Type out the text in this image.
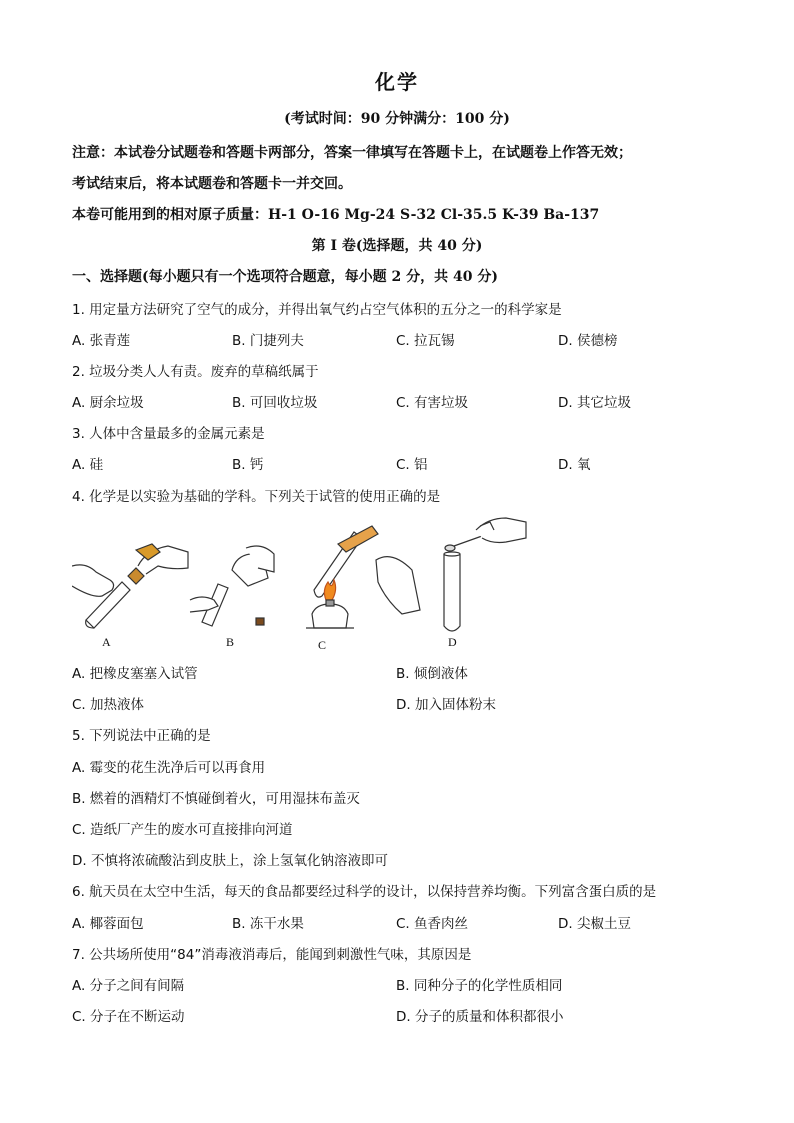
化学
(考试时间：90 分钟满分：100 分)
注意：本试卷分试题卷和答题卡两部分，答案一律填写在答题卡上，在试题卷上作答无效；
考试结束后，将本试题卷和答题卡一并交回。
本卷可能用到的相对原子质量：H-1 O-16 Mg-24 S-32 Cl-35.5 K-39 Ba-137
第 I 卷(选择题，共 40 分)
一、选择题(每小题只有一个选项符合题意，每小题 2 分，共 40 分)
1. 用定量方法研究了空气的成分，并得出氧气约占空气体积的五分之一的科学家是
A. 张青莲	B. 门捷列夫	C. 拉瓦锡	D. 侯德榜
2. 垃圾分类人人有责。废弃的草稿纸属于
A. 厨余垃圾	B. 可回收垃圾	C. 有害垃圾	D. 其它垃圾
3. 人体中含量最多的金属元素是
A. 硅	B. 钙	C. 铝	D. 氧
4. 化学是以实验为基础的学科。下列关于试管的使用正确的是
A	B	C	D
A. 把橡皮塞塞入试管	B. 倾倒液体
C. 加热液体	D. 加入固体粉末
5. 下列说法中正确的是
A. 霉变的花生洗净后可以再食用
B. 燃着的酒精灯不慎碰倒着火，可用湿抹布盖灭
C. 造纸厂产生的废水可直接排向河道
D. 不慎将浓硫酸沾到皮肤上，涂上氢氧化钠溶液即可
6. 航天员在太空中生活，每天的食品都要经过科学的设计，以保持营养均衡。下列富含蛋白质的是
A. 椰蓉面包	B. 冻干水果	C. 鱼香肉丝	D. 尖椒土豆
7. 公共场所使用“84”消毒液消毒后，能闻到刺激性气味，其原因是
A. 分子之间有间隔	B. 同种分子的化学性质相同
C. 分子在不断运动	D. 分子的质量和体积都很小
